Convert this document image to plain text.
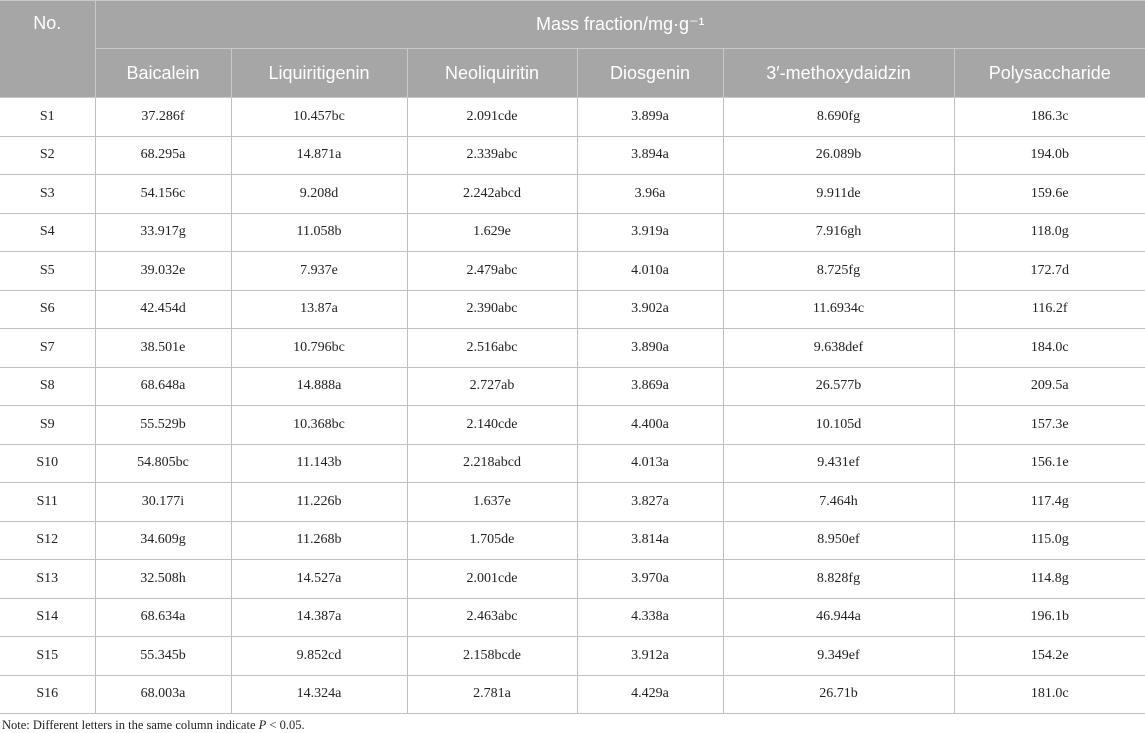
No.	Mass fraction/mg·g⁻¹					
	Baicalein	Liquiritigenin	Neoliquiritin	Diosgenin	3′-methoxydaidzin	Polysaccharide
S1	37.286f	10.457bc	2.091cde	3.899a	8.690fg	186.3c
S2	68.295a	14.871a	2.339abc	3.894a	26.089b	194.0b
S3	54.156c	9.208d	2.242abcd	3.96a	9.911de	159.6e
S4	33.917g	11.058b	1.629e	3.919a	7.916gh	118.0g
S5	39.032e	7.937e	2.479abc	4.010a	8.725fg	172.7d
S6	42.454d	13.87a	2.390abc	3.902a	11.6934c	116.2f
S7	38.501e	10.796bc	2.516abc	3.890a	9.638def	184.0c
S8	68.648a	14.888a	2.727ab	3.869a	26.577b	209.5a
S9	55.529b	10.368bc	2.140cde	4.400a	10.105d	157.3e
S10	54.805bc	11.143b	2.218abcd	4.013a	9.431ef	156.1e
S11	30.177i	11.226b	1.637e	3.827a	7.464h	117.4g
S12	34.609g	11.268b	1.705de	3.814a	8.950ef	115.0g
S13	32.508h	14.527a	2.001cde	3.970a	8.828fg	114.8g
S14	68.634a	14.387a	2.463abc	4.338a	46.944a	196.1b
S15	55.345b	9.852cd	2.158bcde	3.912a	9.349ef	154.2e
S16	68.003a	14.324a	2.781a	4.429a	26.71b	181.0c
Note: Different letters in the same column indicate P < 0.05.
